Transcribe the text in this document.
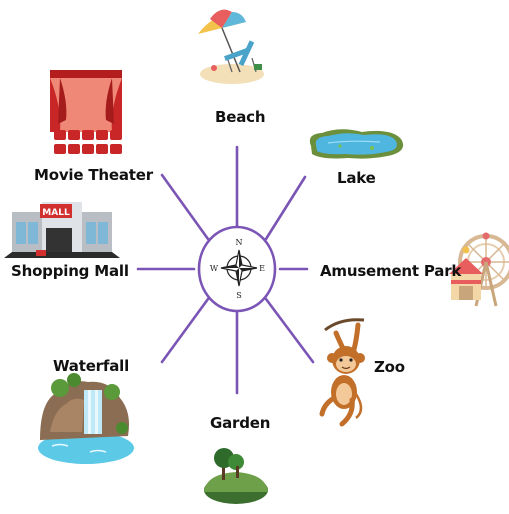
N
S
E
W
MALL
Beach
Lake
Amusement Park
Zoo
Garden
Waterfall
Shopping Mall
Movie Theater
